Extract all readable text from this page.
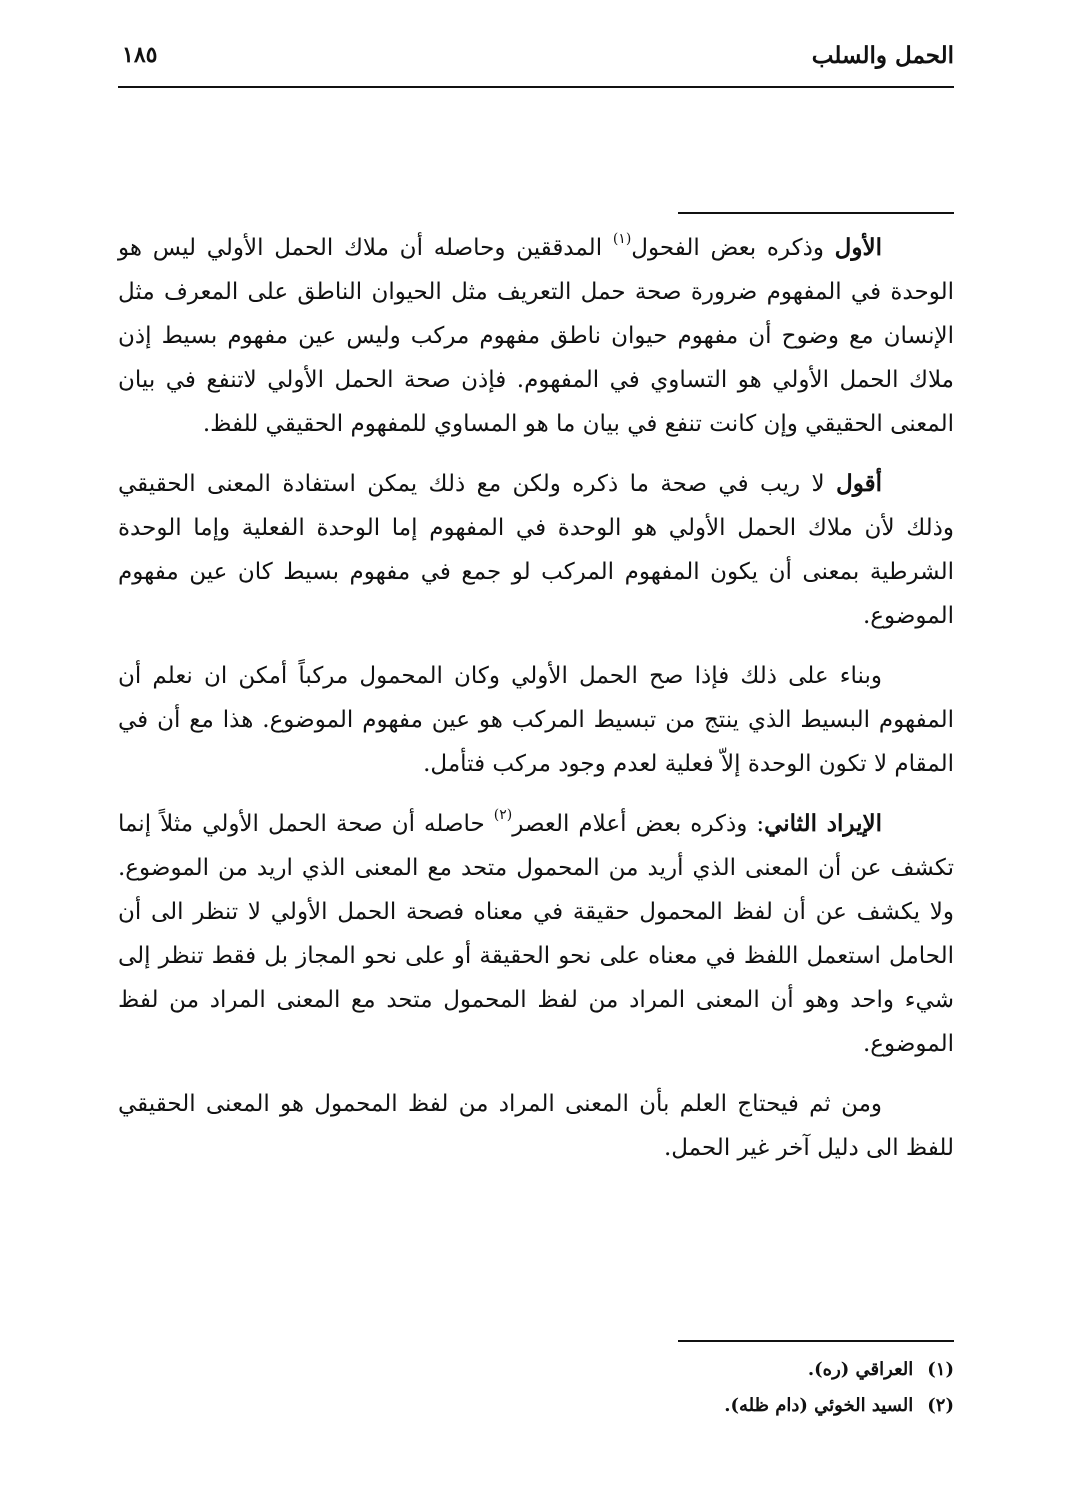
الحمل والسلب
١٨٥

الأول وذكره بعض الفحول$^{(١)}$ المدققين وحاصله أن ملاك الحمل الأولي ليس هو الوحدة في المفهوم ضرورة صحة حمل التعريف مثل الحيوان الناطق على المعرف مثل الإنسان مع وضوح أن مفهوم حيوان ناطق مفهوم مركب وليس عين مفهوم بسيط إذن ملاك الحمل الأولي هو التساوي في المفهوم. فإذن صحة الحمل الأولي لاتنفع في بيان المعنى الحقيقي وإن كانت تنفع في بيان ما هو المساوي للمفهوم الحقيقي للفظ.

أقول لا ريب في صحة ما ذكره ولكن مع ذلك يمكن استفادة المعنى الحقيقي وذلك لأن ملاك الحمل الأولي هو الوحدة في المفهوم إما الوحدة الفعلية وإما الوحدة الشرطية بمعنى أن يكون المفهوم المركب لو جمع في مفهوم بسيط كان عين مفهوم الموضوع.

وبناء على ذلك فإذا صح الحمل الأولي وكان المحمول مركباً أمكن ان نعلم أن المفهوم البسيط الذي ينتج من تبسيط المركب هو عين مفهوم الموضوع. هذا مع أن في المقام لا تكون الوحدة إلاّ فعلية لعدم وجود مركب فتأمل.

الإيراد الثاني: وذكره بعض أعلام العصر$^{(٢)}$ حاصله أن صحة الحمل الأولي مثلاً إنما تكشف عن أن المعنى الذي أريد من المحمول متحد مع المعنى الذي اريد من الموضوع. ولا يكشف عن أن لفظ المحمول حقيقة في معناه فصحة الحمل الأولي لا تنظر الى أن الحامل استعمل اللفظ في معناه على نحو الحقيقة أو على نحو المجاز بل فقط تنظر إلى شيء واحد وهو أن المعنى المراد من لفظ المحمول متحد مع المعنى المراد من لفظ الموضوع.

ومن ثم فيحتاج العلم بأن المعنى المراد من لفظ المحمول هو المعنى الحقيقي للفظ الى دليل آخر غير الحمل.

(١)العراقي (ره).
(٢)السيد الخوئي (دام ظله).
